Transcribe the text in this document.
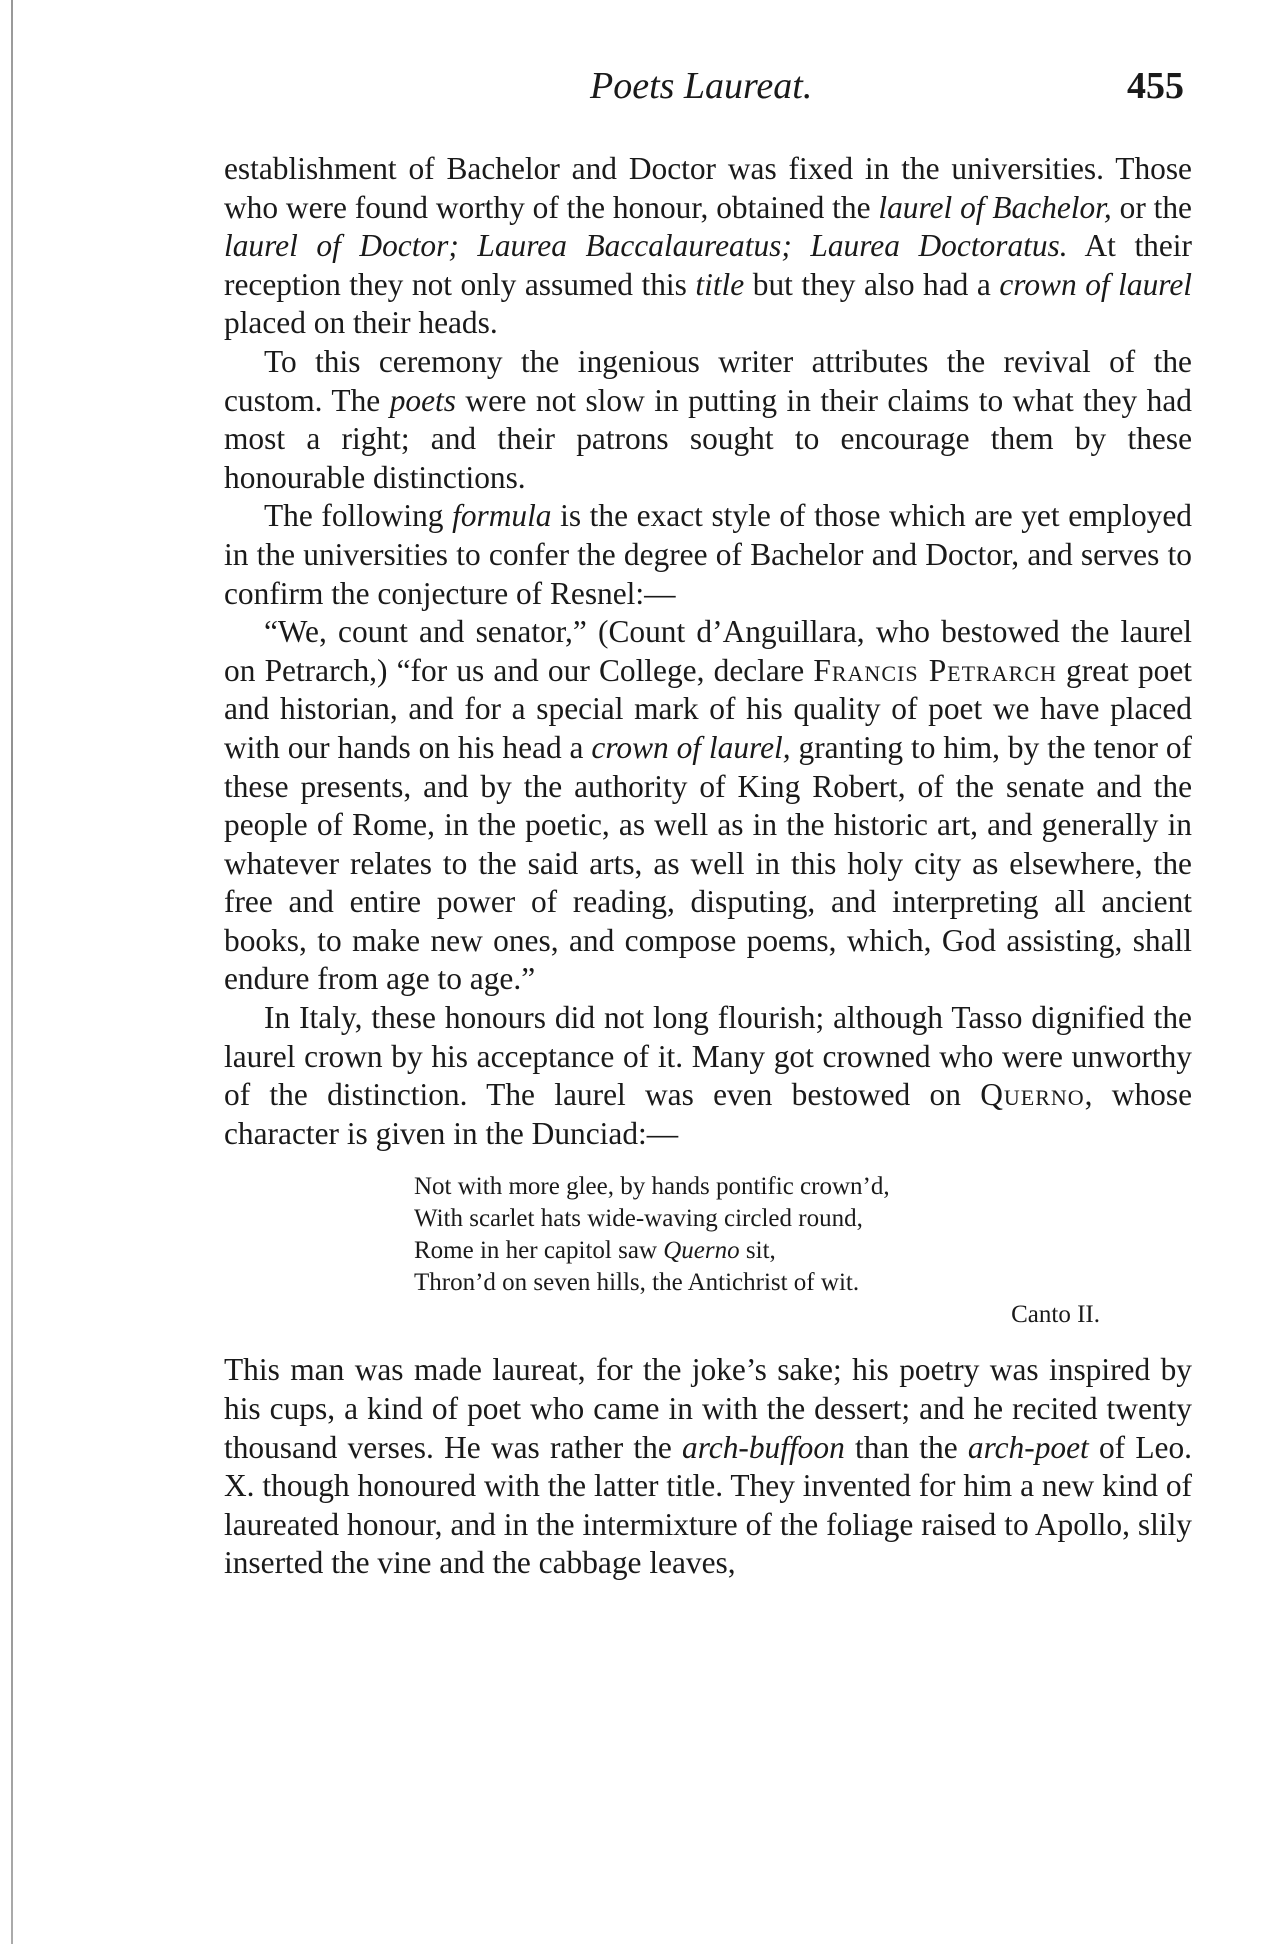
Poets Laureat.	455

establishment of Bachelor and Doctor was fixed in the universities. Those who were found worthy of the honour, obtained the laurel of Bachelor, or the laurel of Doctor; Laurea Baccalaureatus; Laurea Doctoratus. At their reception they not only assumed this title but they also had a crown of laurel placed on their heads.

To this ceremony the ingenious writer attributes the revival of the custom. The poets were not slow in putting in their claims to what they had most a right; and their patrons sought to encourage them by these honourable distinctions.

The following formula is the exact style of those which are yet employed in the universities to confer the degree of Bachelor and Doctor, and serves to confirm the conjecture of Resnel:—

“We, count and senator,” (Count d’Anguillara, who bestowed the laurel on Petrarch,) “for us and our College, declare Francis Petrarch great poet and historian, and for a special mark of his quality of poet we have placed with our hands on his head a crown of laurel, granting to him, by the tenor of these presents, and by the authority of King Robert, of the senate and the people of Rome, in the poetic, as well as in the historic art, and generally in whatever relates to the said arts, as well in this holy city as elsewhere, the free and entire power of reading, disputing, and interpreting all ancient books, to make new ones, and compose poems, which, God assisting, shall endure from age to age.”

In Italy, these honours did not long flourish; although Tasso dignified the laurel crown by his acceptance of it. Many got crowned who were unworthy of the distinction. The laurel was even bestowed on Querno, whose character is given in the Dunciad:—

Not with more glee, by hands pontific crown’d,
With scarlet hats wide-waving circled round,
Rome in her capitol saw Querno sit,
Thron’d on seven hills, the Antichrist of wit.
Canto II.

This man was made laureat, for the joke’s sake; his poetry was inspired by his cups, a kind of poet who came in with the dessert; and he recited twenty thousand verses. He was rather the arch-buffoon than the arch-poet of Leo. X. though honoured with the latter title. They invented for him a new kind of laureated honour, and in the intermixture of the foliage raised to Apollo, slily inserted the vine and the cabbage leaves,
